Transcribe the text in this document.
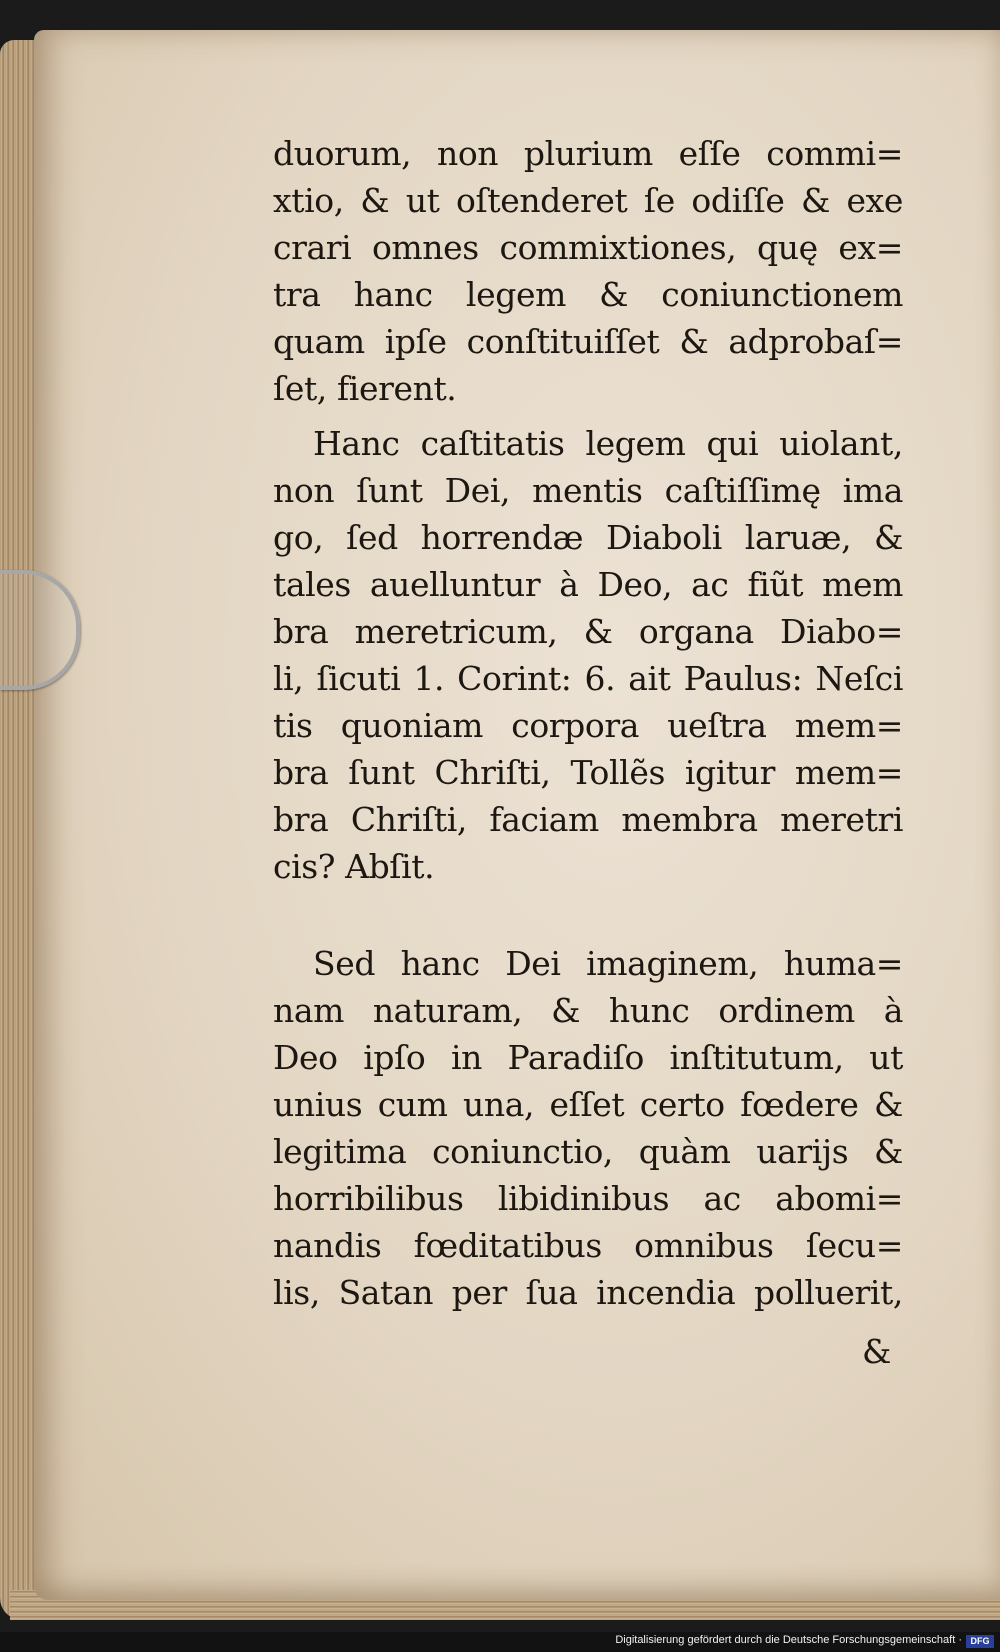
duorum, non plurium eſſe commi=
xtio, & ut oſtenderet ſe odiſſe & exe
crari omnes commixtiones, quę ex=
tra hanc legem & coniunctionem
quam ipſe conſtituiſſet & adprobaſ=
ſet, fierent.
Hanc caſtitatis legem qui uiolant,
non ſunt Dei, mentis caſtiſſimę ima
go, ſed horrendæ Diaboli laruæ, &
tales auelluntur à Deo, ac fiũt mem
bra meretricum, & organa Diabo=
li, ſicuti 1. Corint: 6. ait Paulus: Neſci
tis quoniam corpora ueſtra mem=
bra ſunt Chriſti, Tollẽs igitur mem=
bra Chriſti, faciam membra meretri
cis? Abſit.
Sed hanc Dei imaginem, huma=
nam naturam, & hunc ordinem à
Deo ipſo in Paradiſo inſtitutum, ut
unius cum una, eſſet certo fœdere &
legitima coniunctio, quàm uarijs &
horribilibus libidinibus ac abomi=
nandis fœditatibus omnibus ſecu=
lis, Satan per ſua incendia polluerit,
&
Digitalisierung gefördert durch die Deutsche Forschungsgemeinschaft · DFG
